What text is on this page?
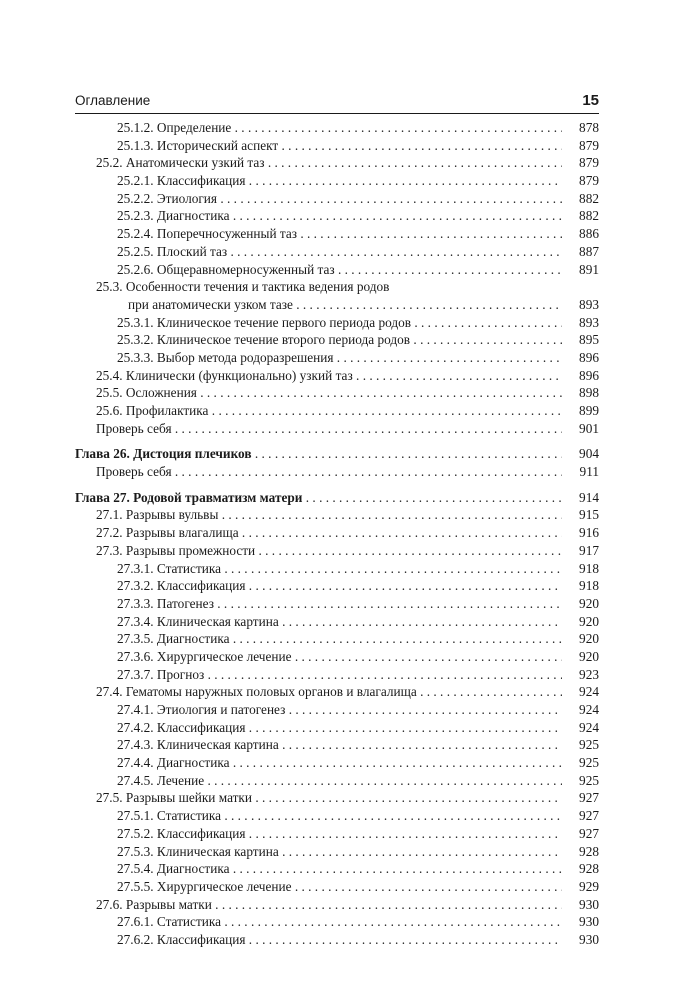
Оглавление	15
25.1.2. Определение . . .	878
25.1.3. Исторический аспект . . .	879
25.2. Анатомически узкий таз . . .	879
25.2.1. Классификация . . .	879
25.2.2. Этиология . . .	882
25.2.3. Диагностика . . .	882
25.2.4. Поперечносуженный таз . . .	886
25.2.5. Плоский таз . . .	887
25.2.6. Общеравномерносуженный таз . . .	891
25.3. Особенности течения и тактика ведения родов
при анатомически узком тазе . . .	893
25.3.1. Клиническое течение первого периода родов . . .	893
25.3.2. Клиническое течение второго периода родов . . .	895
25.3.3. Выбор метода родоразрешения . . .	896
25.4. Клинически (функционально) узкий таз . . .	896
25.5. Осложнения . . .	898
25.6. Профилактика . . .	899
Проверь себя . . .	901
Глава 26. Дистоция плечиков . . .	904
Проверь себя . . .	911
Глава 27. Родовой травматизм матери . . .	914
27.1. Разрывы вульвы . . .	915
27.2. Разрывы влагалища . . .	916
27.3. Разрывы промежности . . .	917
27.3.1. Статистика . . .	918
27.3.2. Классификация . . .	918
27.3.3. Патогенез . . .	920
27.3.4. Клиническая картина . . .	920
27.3.5. Диагностика . . .	920
27.3.6. Хирургическое лечение . . .	920
27.3.7. Прогноз . . .	923
27.4. Гематомы наружных половых органов и влагалища . . .	924
27.4.1. Этиология и патогенез . . .	924
27.4.2. Классификация . . .	924
27.4.3. Клиническая картина . . .	925
27.4.4. Диагностика . . .	925
27.4.5. Лечение . . .	925
27.5. Разрывы шейки матки . . .	927
27.5.1. Статистика . . .	927
27.5.2. Классификация . . .	927
27.5.3. Клиническая картина . . .	928
27.5.4. Диагностика . . .	928
27.5.5. Хирургическое лечение . . .	929
27.6. Разрывы матки . . .	930
27.6.1. Статистика . . .	930
27.6.2. Классификация . . .	930
